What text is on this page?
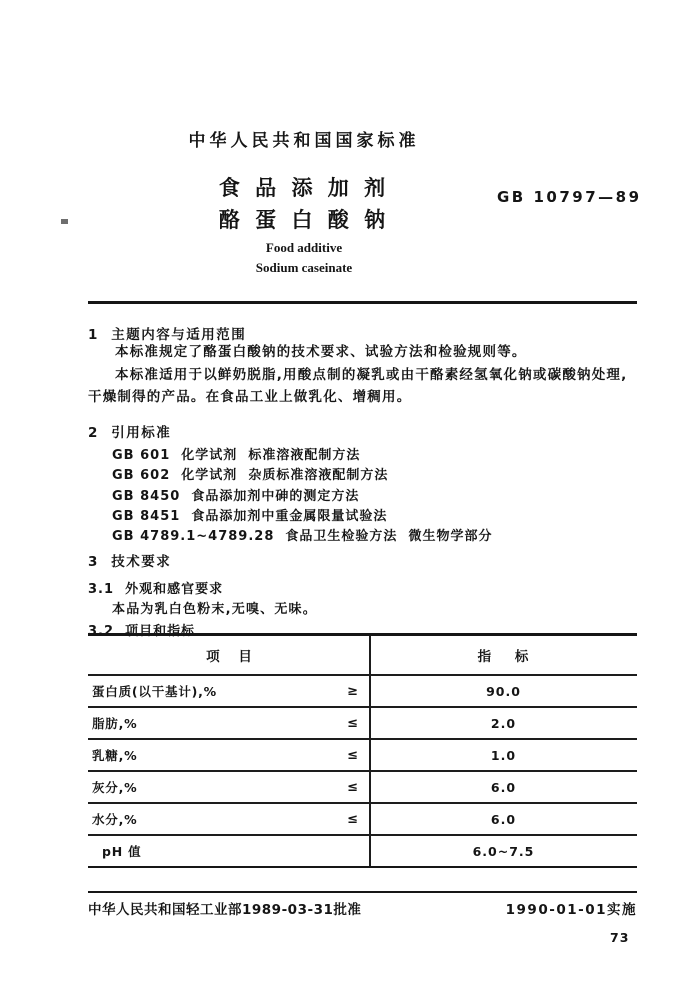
中华人民共和国国家标准
食 品 添 加 剂
酪 蛋 白 酸 钠
GB 10797—89
Food additive
Sodium caseinate
1  主题内容与适用范围

本标准规定了酪蛋白酸钠的技术要求、试验方法和检验规则等。

本标准适用于以鲜奶脱脂,用酸点制的凝乳或由干酪素经氢氧化钠或碳酸钠处理,干燥制得的产品。在食品工业上做乳化、增稠用。

2  引用标准
GB 601  化学试剂  标准溶液配制方法
GB 602  化学试剂  杂质标准溶液配制方法
GB 8450  食品添加剂中砷的测定方法
GB 8451  食品添加剂中重金属限量试验法
GB 4789.1~4789.28  食品卫生检验方法  微生物学部分
3  技术要求
3.1  外观和感官要求
本品为乳白色粉末,无嗅、无味。
3.2  项目和指标
项    目	指    标
蛋白质(以干基计),%	≥	90.0
脂肪,%	≤	2.0
乳糖,%	≤	1.0
灰分,%	≤	6.0
水分,%	≤	6.0
pH 值	6.0~7.5
中华人民共和国轻工业部1989-03-31批准	1990-01-01实施
73
